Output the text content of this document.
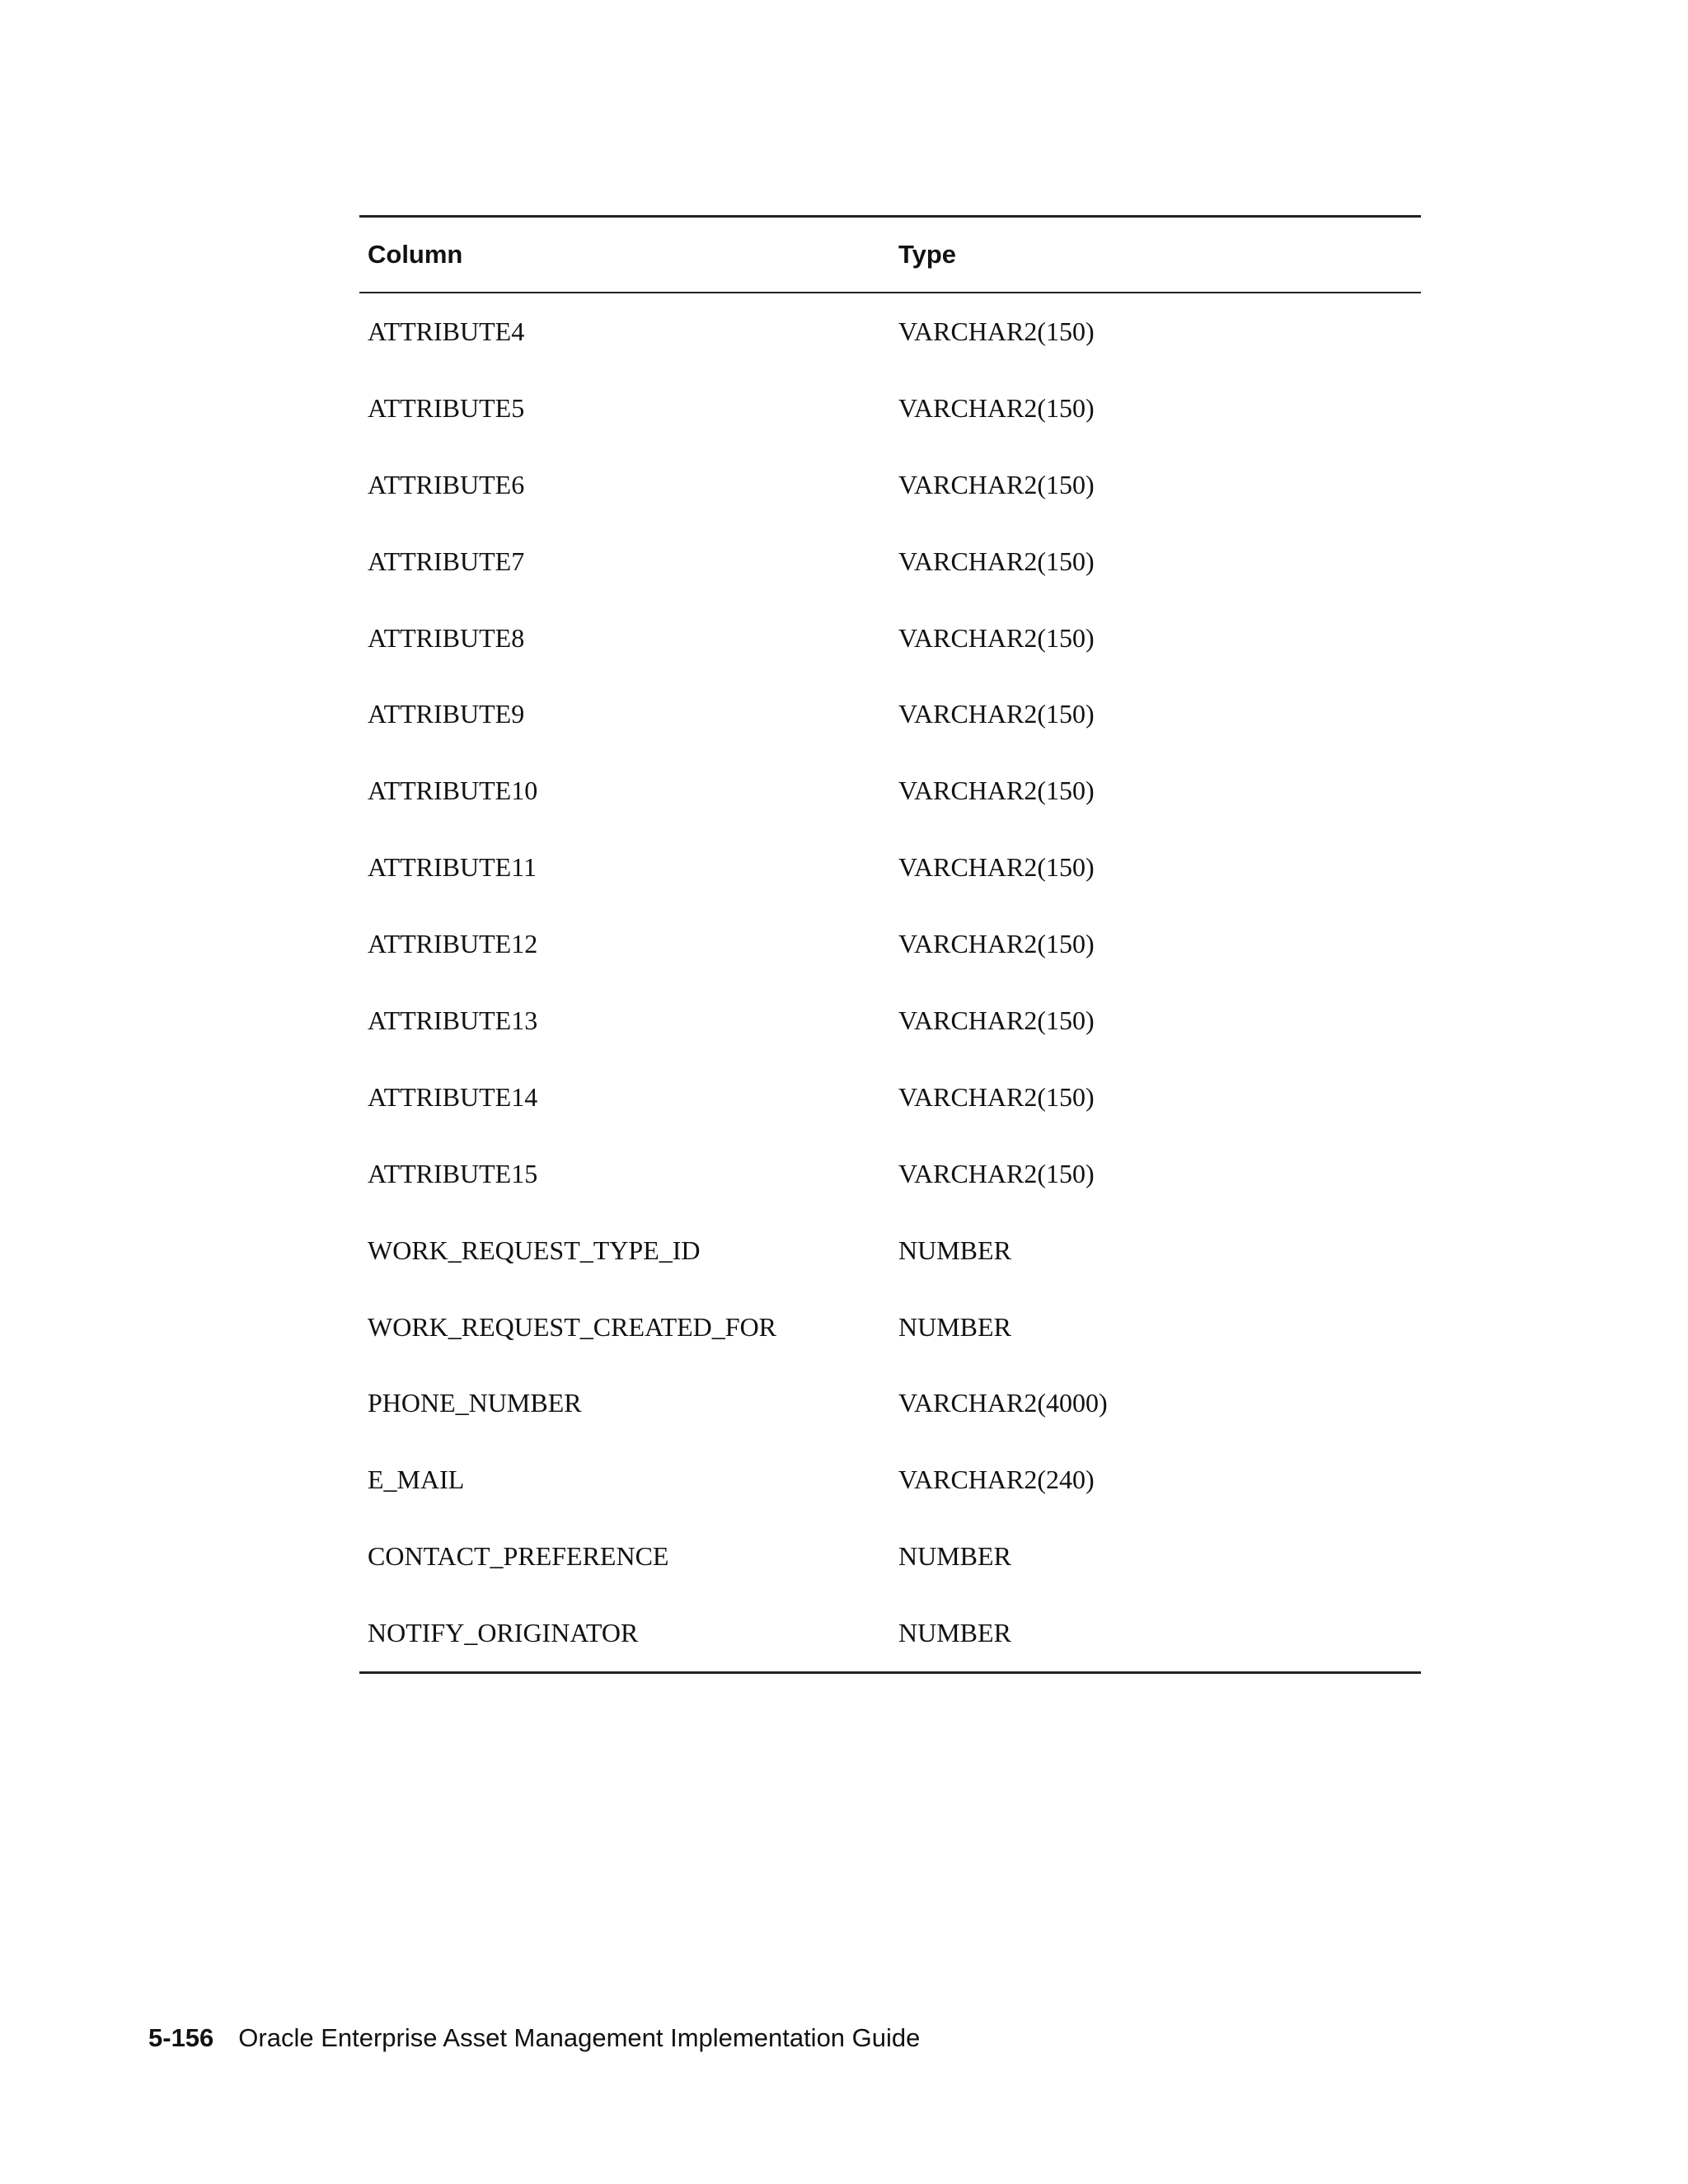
Column	Type
ATTRIBUTE4	VARCHAR2(150)
ATTRIBUTE5	VARCHAR2(150)
ATTRIBUTE6	VARCHAR2(150)
ATTRIBUTE7	VARCHAR2(150)
ATTRIBUTE8	VARCHAR2(150)
ATTRIBUTE9	VARCHAR2(150)
ATTRIBUTE10	VARCHAR2(150)
ATTRIBUTE11	VARCHAR2(150)
ATTRIBUTE12	VARCHAR2(150)
ATTRIBUTE13	VARCHAR2(150)
ATTRIBUTE14	VARCHAR2(150)
ATTRIBUTE15	VARCHAR2(150)
WORK_REQUEST_TYPE_ID	NUMBER
WORK_REQUEST_CREATED_FOR	NUMBER
PHONE_NUMBER	VARCHAR2(4000)
E_MAIL	VARCHAR2(240)
CONTACT_PREFERENCE	NUMBER
NOTIFY_ORIGINATOR	NUMBER
5-156 Oracle Enterprise Asset Management Implementation Guide
